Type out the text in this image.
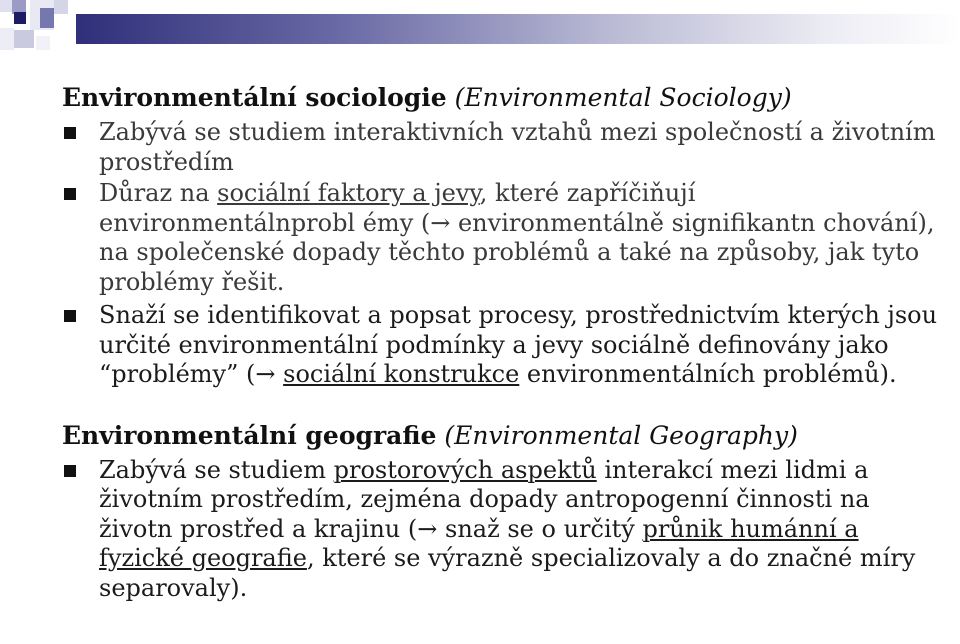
Environmentální sociologie (Environmental Sociology)
Zabývá se studiem interaktivních vztahů mezi společností a životním prostředím
Důraz na sociální faktory a jevy, které zapříčiňují environmentálnprobl émy (→ environmentálně signifikantn chování), na společenské dopady těchto problémů a také na způsoby, jak tyto problémy řešit.
Snaží se identifikovat a popsat procesy, prostřednictvím kterých jsou určité environmentální podmínky a jevy sociálně definovány jako “problémy” (→ sociální konstrukce environmentálních problémů).
Environmentální geografie (Environmental Geography)
Zabývá se studiem prostorových aspektů interakcí mezi lidmi a životním prostředím, zejména dopady antropogenní činnosti na životn prostřed a krajinu (→ snaž se o určitý průnik humánní a fyzické geografie, které se výrazně specializovaly a do značné míry separovaly).
